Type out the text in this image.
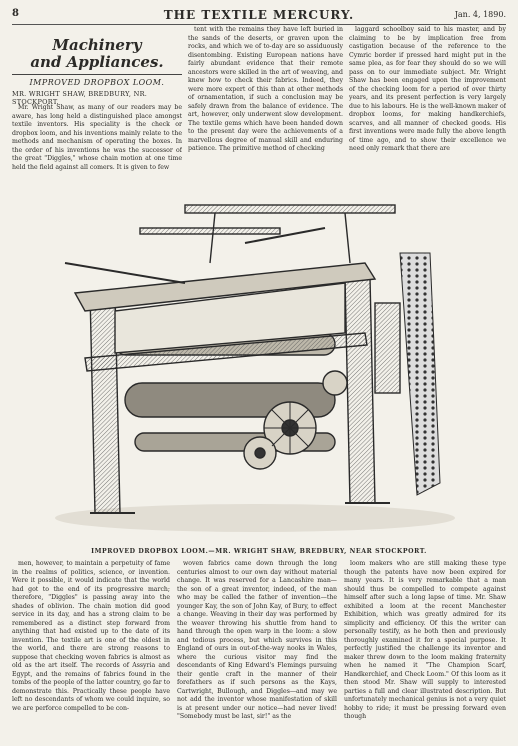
8	THE TEXTILE MERCURY.	Jan. 4, 1890.
Machinery
and Appliances.
IMPROVED DROPBOX LOOM.
MR. WRIGHT SHAW, BREDBURY, NR. STOCKPORT.

Mr. Wright Shaw, as many of our readers may be aware, has long held a distinguished place amongst textile inventors. His speciality is the check or dropbox loom, and his inventions mainly relate to the methods and mechanism of operating the boxes. In the order of his inventions he was the successor of the great "Diggles," whose chain motion at one time held the field against all comers. It is given to few

tent with the remains they have left buried in the sands of the deserts, or graven upon the rocks, and which we of to-day are so assiduously disentombing. Existing European nations have fairly abundant evidence that their remote ancestors were skilled in the art of weaving, and knew how to check their fabrics. Indeed, they were more expert of this than at other methods of ornamentation, if such a conclusion may be safely drawn from the balance of evidence. The art, however, only underwent slow development. The textile gems which have been handed down to the present day were the achievements of a marvellous degree of manual skill and enduring patience. The primitive method of checking

laggard schoolboy said to his master, and by claiming to be by implication free from castigation because of the reference to the Cymric border if pressed hard might put in the same plea, as for fear they should do so we will pass on to our immediate subject. Mr. Wright Shaw has been engaged upon the improvement of the checking loom for a period of over thirty years, and its present perfection is very largely due to his labours. He is the well-known maker of dropbox looms, for making handkerchiefs, scarves, and all manner of checked goods. His first inventions were made fully the above length of time ago, and to show their excellence we need only remark that there are

IMPROVED DROPBOX LOOM.—MR. WRIGHT SHAW, BREDBURY, NEAR STOCKPORT.

men, however, to maintain a perpetuity of fame in the realms of politics, science, or invention. Were it possible, it would indicate that the world had got to the end of its progressive march; therefore, "Diggles" is passing away into the shades of oblivion. The chain motion did good service in its day, and has a strong claim to be remembered as a distinct step forward from anything that had existed up to the date of its invention. The textile art is one of the oldest in the world, and there are strong reasons to suppose that checking woven fabrics is almost as old as the art itself. The records of Assyria and Egypt, and the remains of fabrics found in the tombs of the people of the latter country, go far to demonstrate this. Practically these people have left no descendants of whom we could inquire, so we are perforce compelled to be con-

woven fabrics came down through the long centuries almost to our own day without material change. It was reserved for a Lancashire man—the son of a great inventor, indeed, of the man who may be called the father of invention—the younger Kay, the son of John Kay, of Bury, to effect a change. Weaving in their day was performed by the weaver throwing his shuttle from hand to hand through the open warp in the loom: a slow and tedious process, but which survives in this England of ours in out-of-the-way nooks in Wales, where the curious visitor may find the descendants of King Edward's Flemings pursuing their gentle craft in the manner of their forefathers as if such persons as the Kays, Cartwright, Bullough, and Diggles—and may we not add the inventor whose manifestation of skill is at present under our notice—had never lived! "Somebody must be last, sir!" as the

loom makers who are still making these type though the patents have now been expired for many years. It is very remarkable that a man should thus be compelled to compete against himself after such a long lapse of time. Mr. Shaw exhibited a loom at the recent Manchester Exhibition, which was greatly admired for its simplicity and efficiency. Of this the writer can personally testify, as he both then and previously thoroughly examined it for a special purpose. It perfectly justified the challenge its inventor and maker threw down to the loom making fraternity when he named it "The Champion Scarf, Handkerchief, and Check Loom." Of this loom as it then stood Mr. Shaw will supply to interested parties a full and clear illustrated description. But unfortunately mechanical genius is not a very quiet hobby to ride; it must be pressing forward even though
